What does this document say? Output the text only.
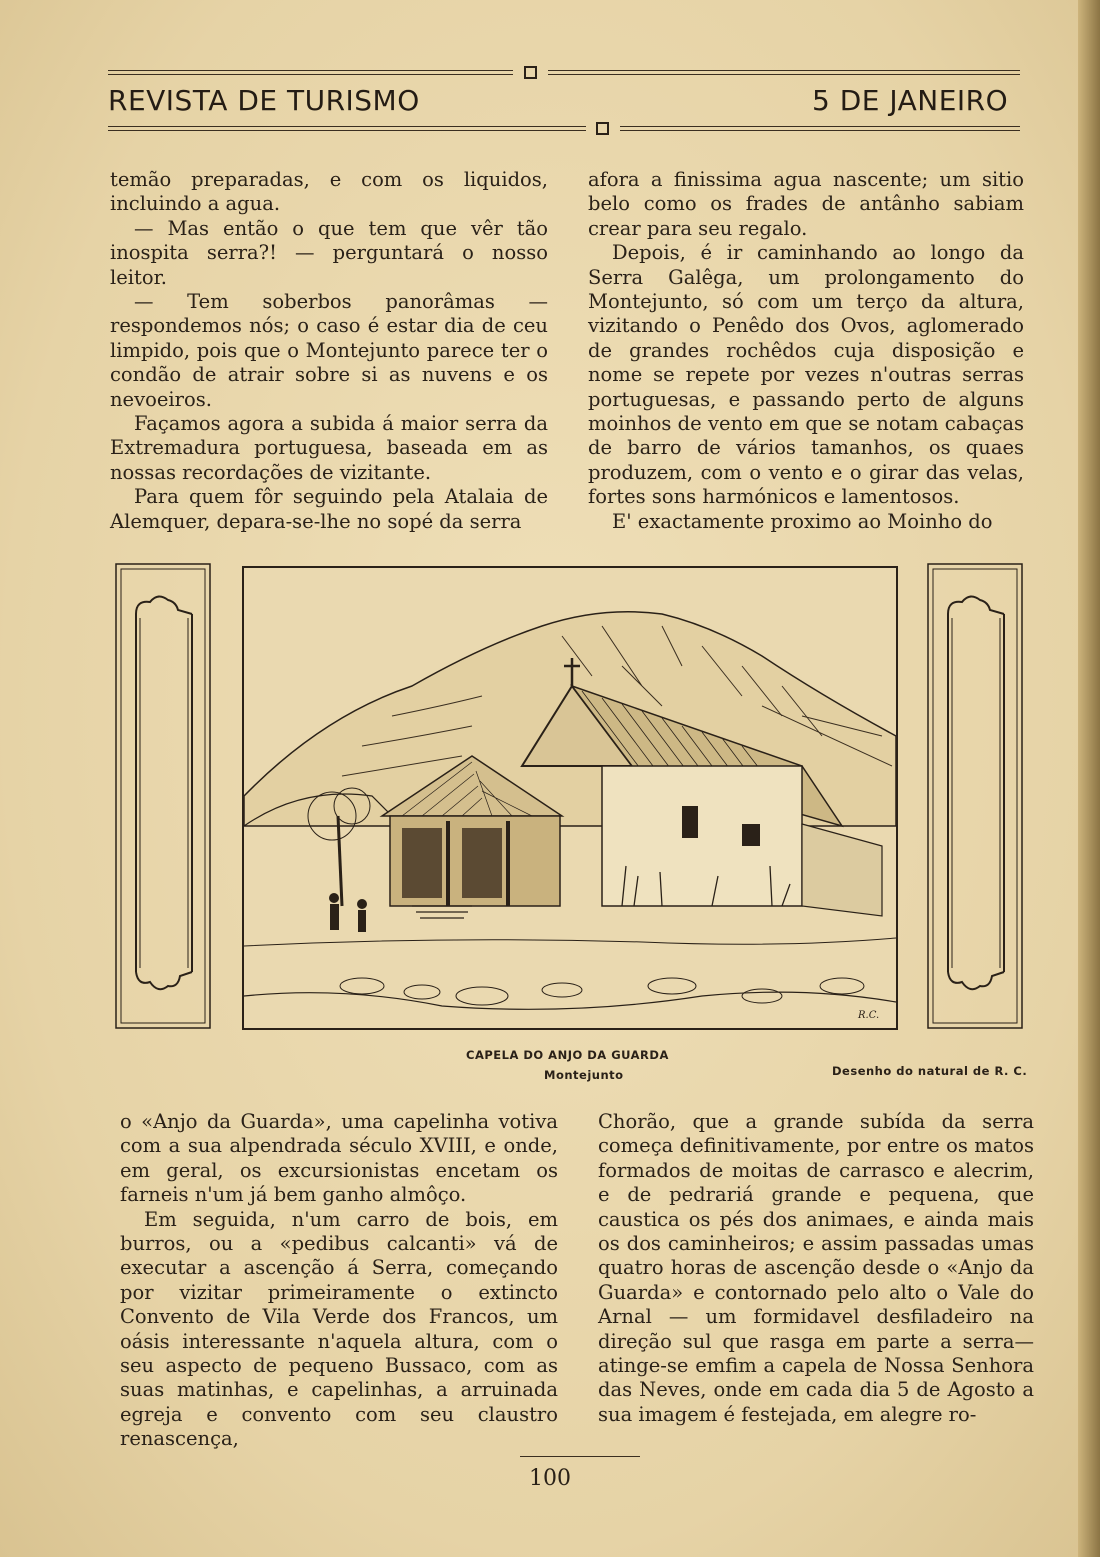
REVISTA DE TURISMO	5 DE JANEIRO

temão preparadas, e com os liquidos, incluindo a agua.

— Mas então o que tem que vêr tão inospita serra?! — perguntará o nosso leitor.

— Tem soberbos panorâmas — respondemos nós; o caso é estar dia de ceu limpido, pois que o Montejunto parece ter o condão de atrair sobre si as nuvens e os nevoeiros.

Façamos agora a subida á maior serra da Extremadura portuguesa, baseada em as nossas recordações de vizitante.

Para quem fôr seguindo pela Atalaia de Alemquer, depara-se-lhe no sopé da serra

afora a finissima agua nascente; um sitio belo como os frades de antânho sabiam crear para seu regalo.

Depois, é ir caminhando ao longo da Serra Galêga, um prolongamento do Montejunto, só com um terço da altura, vizitando o Penêdo dos Ovos, aglomerado de grandes rochêdos cuja disposição e nome se repete por vezes n'outras serras portuguesas, e passando perto de alguns moinhos de vento em que se notam cabaças de barro de vários tamanhos, os quaes produzem, com o vento e o girar das velas, fortes sons harmónicos e lamentosos.

E' exactamente proximo ao Moinho do

R.C.
CAPELA DO ANJO DA GUARDA
Montejunto	Desenho do natural de R. C.

o «Anjo da Guarda», uma capelinha votiva com a sua alpendrada século XVIII, e onde, em geral, os excursionistas encetam os farneis n'um já bem ganho almôço.

Em seguida, n'um carro de bois, em burros, ou a «pedibus calcanti» vá de executar a ascenção á Serra, começando por vizitar primeiramente o extincto Convento de Vila Verde dos Francos, um oásis interessante n'aquela altura, com o seu aspecto de pequeno Bussaco, com as suas matinhas, e capelinhas, a arruinada egreja e convento com seu claustro renascença,

Chorão, que a grande subída da serra começa definitivamente, por entre os matos formados de moitas de carrasco e alecrim, e de pedrariá grande e pequena, que caustica os pés dos animaes, e ainda mais os dos caminheiros; e assim passadas umas quatro horas de ascenção desde o «Anjo da Guarda» e contornado pelo alto o Vale do Arnal — um formidavel desfiladeiro na direção sul que rasga em parte a serra— atinge-se emfim a capela de Nossa Senhora das Neves, onde em cada dia 5 de Agosto a sua imagem é festejada, em alegre ro-

100
